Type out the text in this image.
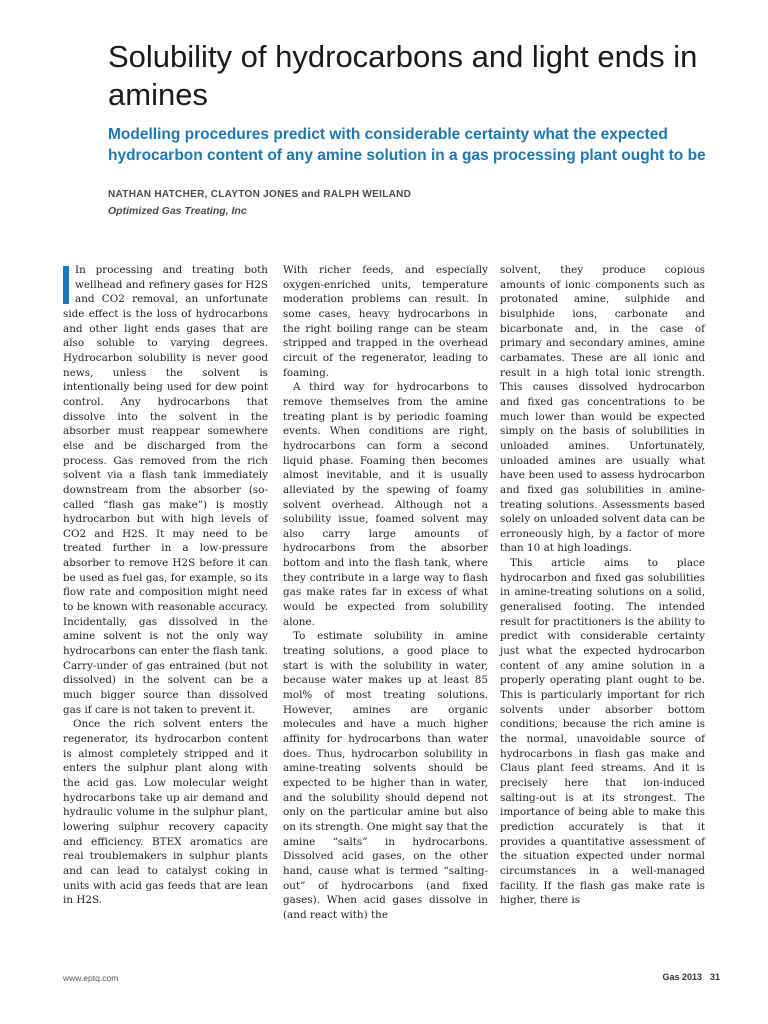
Solubility of hydrocarbons and light ends in amines

Modelling procedures predict with considerable certainty what the expected hydrocarbon content of any amine solution in a gas processing plant ought to be

NATHAN HATCHER, CLAYTON JONES and RALPH WEILAND
Optimized Gas Treating, Inc

In processing and treating both wellhead and refinery gases for H2S and CO2 removal, an unfortunate side effect is the loss of hydrocarbons and other light ends gases that are also soluble to varying degrees. Hydrocarbon solubility is never good news, unless the solvent is intentionally being used for dew point control. Any hydrocarbons that dissolve into the solvent in the absorber must reappear somewhere else and be discharged from the process. Gas removed from the rich solvent via a flash tank immediately downstream from the absorber (so-called “flash gas make”) is mostly hydrocarbon but with high levels of CO2 and H2S. It may need to be treated further in a low-pressure absorber to remove H2S before it can be used as fuel gas, for example, so its flow rate and composition might need to be known with reasonable accuracy. Incidentally, gas dissolved in the amine solvent is not the only way hydrocarbons can enter the flash tank. Carry-under of gas entrained (but not dissolved) in the solvent can be a much bigger source than dissolved gas if care is not taken to prevent it.

Once the rich solvent enters the regenerator, its hydrocarbon content is almost completely stripped and it enters the sulphur plant along with the acid gas. Low molecular weight hydrocarbons take up air demand and hydraulic volume in the sulphur plant, lowering sulphur recovery capacity and efficiency. BTEX aromatics are real troublemakers in sulphur plants and can lead to catalyst coking in units with acid gas feeds that are lean in H2S.

With richer feeds, and especially oxygen-enriched units, temperature moderation problems can result. In some cases, heavy hydrocarbons in the right boiling range can be steam stripped and trapped in the overhead circuit of the regenerator, leading to foaming.

A third way for hydrocarbons to remove themselves from the amine treating plant is by periodic foaming events. When conditions are right, hydrocarbons can form a second liquid phase. Foaming then becomes almost inevitable, and it is usually alleviated by the spewing of foamy solvent overhead. Although not a solubility issue, foamed solvent may also carry large amounts of hydrocarbons from the absorber bottom and into the flash tank, where they contribute in a large way to flash gas make rates far in excess of what would be expected from solubility alone.

To estimate solubility in amine treating solutions, a good place to start is with the solubility in water, because water makes up at least 85 mol% of most treating solutions. However, amines are organic molecules and have a much higher affinity for hydrocarbons than water does. Thus, hydrocarbon solubility in amine-treating solvents should be expected to be higher than in water, and the solubility should depend not only on the particular amine but also on its strength. One might say that the amine “salts” in hydrocarbons. Dissolved acid gases, on the other hand, cause what is termed “salting-out” of hydrocarbons (and fixed gases). When acid gases dissolve in (and react with) the

solvent, they produce copious amounts of ionic components such as protonated amine, sulphide and bisulphide ions, carbonate and bicarbonate and, in the case of primary and secondary amines, amine carbamates. These are all ionic and result in a high total ionic strength. This causes dissolved hydrocarbon and fixed gas concentrations to be much lower than would be expected simply on the basis of solubilities in unloaded amines. Unfortunately, unloaded amines are usually what have been used to assess hydrocarbon and fixed gas solubilities in amine-treating solutions. Assessments based solely on unloaded solvent data can be erroneously high, by a factor of more than 10 at high loadings.

This article aims to place hydrocarbon and fixed gas solubilities in amine-treating solutions on a solid, generalised footing. The intended result for practitioners is the ability to predict with considerable certainty just what the expected hydrocarbon content of any amine solution in a properly operating plant ought to be. This is particularly important for rich solvents under absorber bottom conditions, because the rich amine is the normal, unavoidable source of hydrocarbons in flash gas make and Claus plant feed streams. And it is precisely here that ion-induced salting-out is at its strongest. The importance of being able to make this prediction accurately is that it provides a quantitative assessment of the situation expected under normal circumstances in a well-managed facility. If the flash gas make rate is higher, there is

www.eptq.com	Gas 2013 31
